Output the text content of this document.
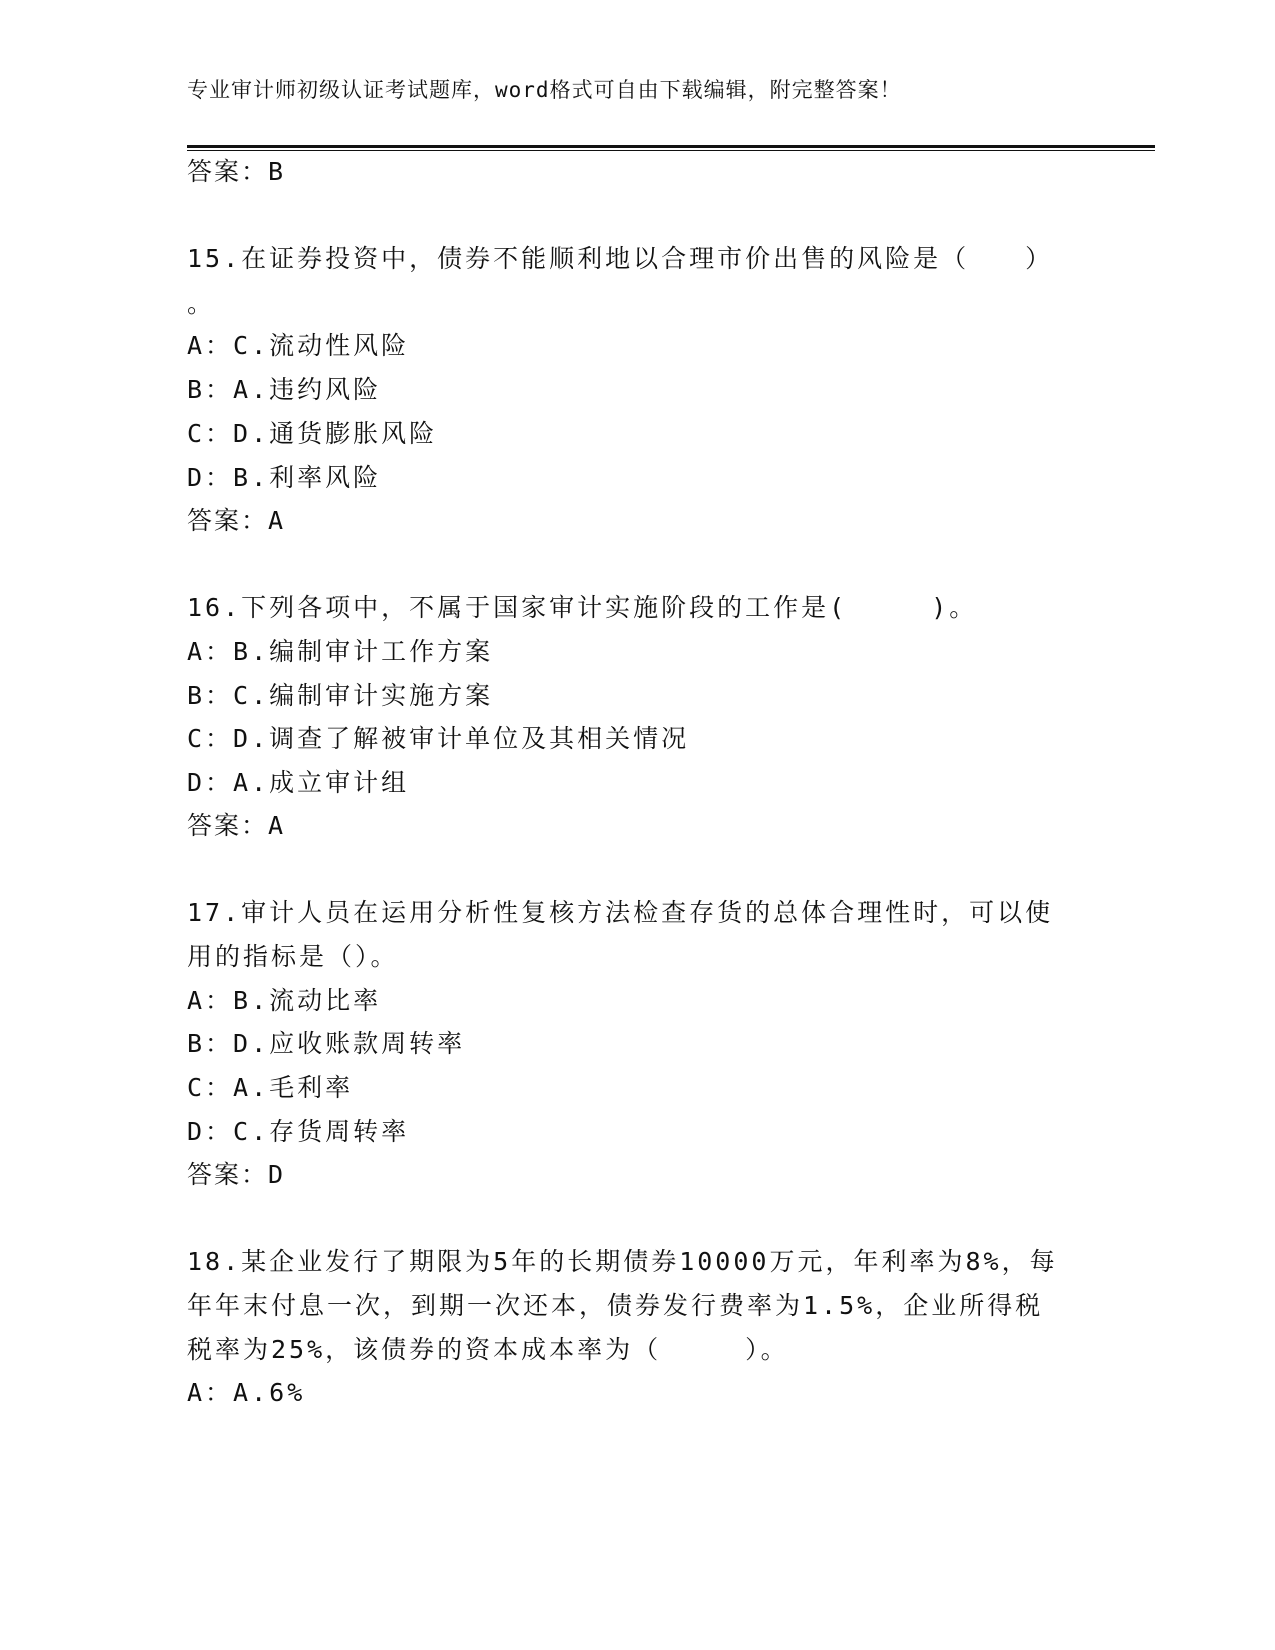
专业审计师初级认证考试题库，word格式可自由下载编辑，附完整答案！
答案：B
15.在证券投资中，债券不能顺利地以合理市价出售的风险是（　　）
。
A：C.流动性风险
B：A.违约风险
C：D.通货膨胀风险
D：B.利率风险
答案：A
16.下列各项中，不属于国家审计实施阶段的工作是(　　　)。
A：B.编制审计工作方案
B：C.编制审计实施方案
C：D.调查了解被审计单位及其相关情况
D：A.成立审计组
答案：A
17.审计人员在运用分析性复核方法检查存货的总体合理性时，可以使
用的指标是（）。
A：B.流动比率
B：D.应收账款周转率
C：A.毛利率
D：C.存货周转率
答案：D
18.某企业发行了期限为5年的长期债券10000万元，年利率为8%，每
年年末付息一次，到期一次还本，债券发行费率为1.5%，企业所得税
税率为25%，该债券的资本成本率为（　　　）。
A：A.6%
